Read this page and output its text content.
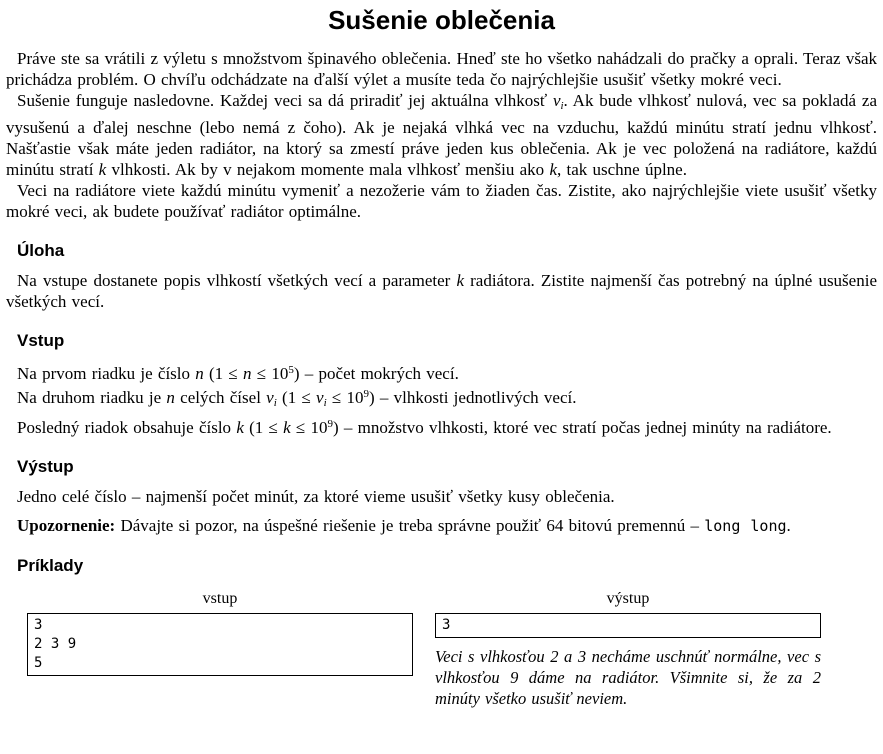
Sušenie oblečenia

Práve ste sa vrátili z výletu s množstvom špinavého oblečenia. Hneď ste ho všetko nahádzali do pračky a oprali. Teraz však prichádza problém. O chvíľu odchádzate na ďalší výlet a musíte teda čo najrýchlejšie usušiť všetky mokré veci.

Sušenie funguje nasledovne. Každej veci sa dá priradiť jej aktuálna vlhkosť vi. Ak bude vlhkosť nulová, vec sa pokladá za vysušenú a ďalej neschne (lebo nemá z čoho). Ak je nejaká vlhká vec na vzduchu, každú minútu stratí jednu vlhkosť. Našťastie však máte jeden radiátor, na ktorý sa zmestí práve jeden kus oblečenia. Ak je vec položená na radiátore, každú minútu stratí k vlhkosti. Ak by v nejakom momente mala vlhkosť menšiu ako k, tak uschne úplne.

Veci na radiátore viete každú minútu vymeniť a nezožerie vám to žiaden čas. Zistite, ako najrýchlejšie viete usušiť všetky mokré veci, ak budete používať radiátor optimálne.

Úloha

Na vstupe dostanete popis vlhkostí všetkých vecí a parameter k radiátora. Zistite najmenší čas potrebný na úplné usušenie všetkých vecí.

Vstup

Na prvom riadku je číslo n $(1 \le n \le 10^5)$ – počet mokrých vecí.

Na druhom riadku je n celých čísel vi (1 ≤ vi ≤ $10^9$) – vlhkosti jednotlivých vecí.

Posledný riadok obsahuje číslo k $(1 \le k \le 10^9)$ – množstvo vlhkosti, ktoré vec stratí počas jednej minúty na radiátore.

Výstup

Jedno celé číslo – najmenší počet minút, za ktoré vieme usušiť všetky kusy oblečenia.

Upozornenie: Dávajte si pozor, na úspešné riešenie je treba správne použiť 64 bitovú premennú – long long.

Príklady
vstup
3
2 3 9
5
výstup
3
Veci s vlhkosťou 2 a 3 necháme uschnúť normálne, vec s vlhkosťou 9 dáme na radiátor. Všimnite si, že za 2 minúty všetko usušiť neviem.
